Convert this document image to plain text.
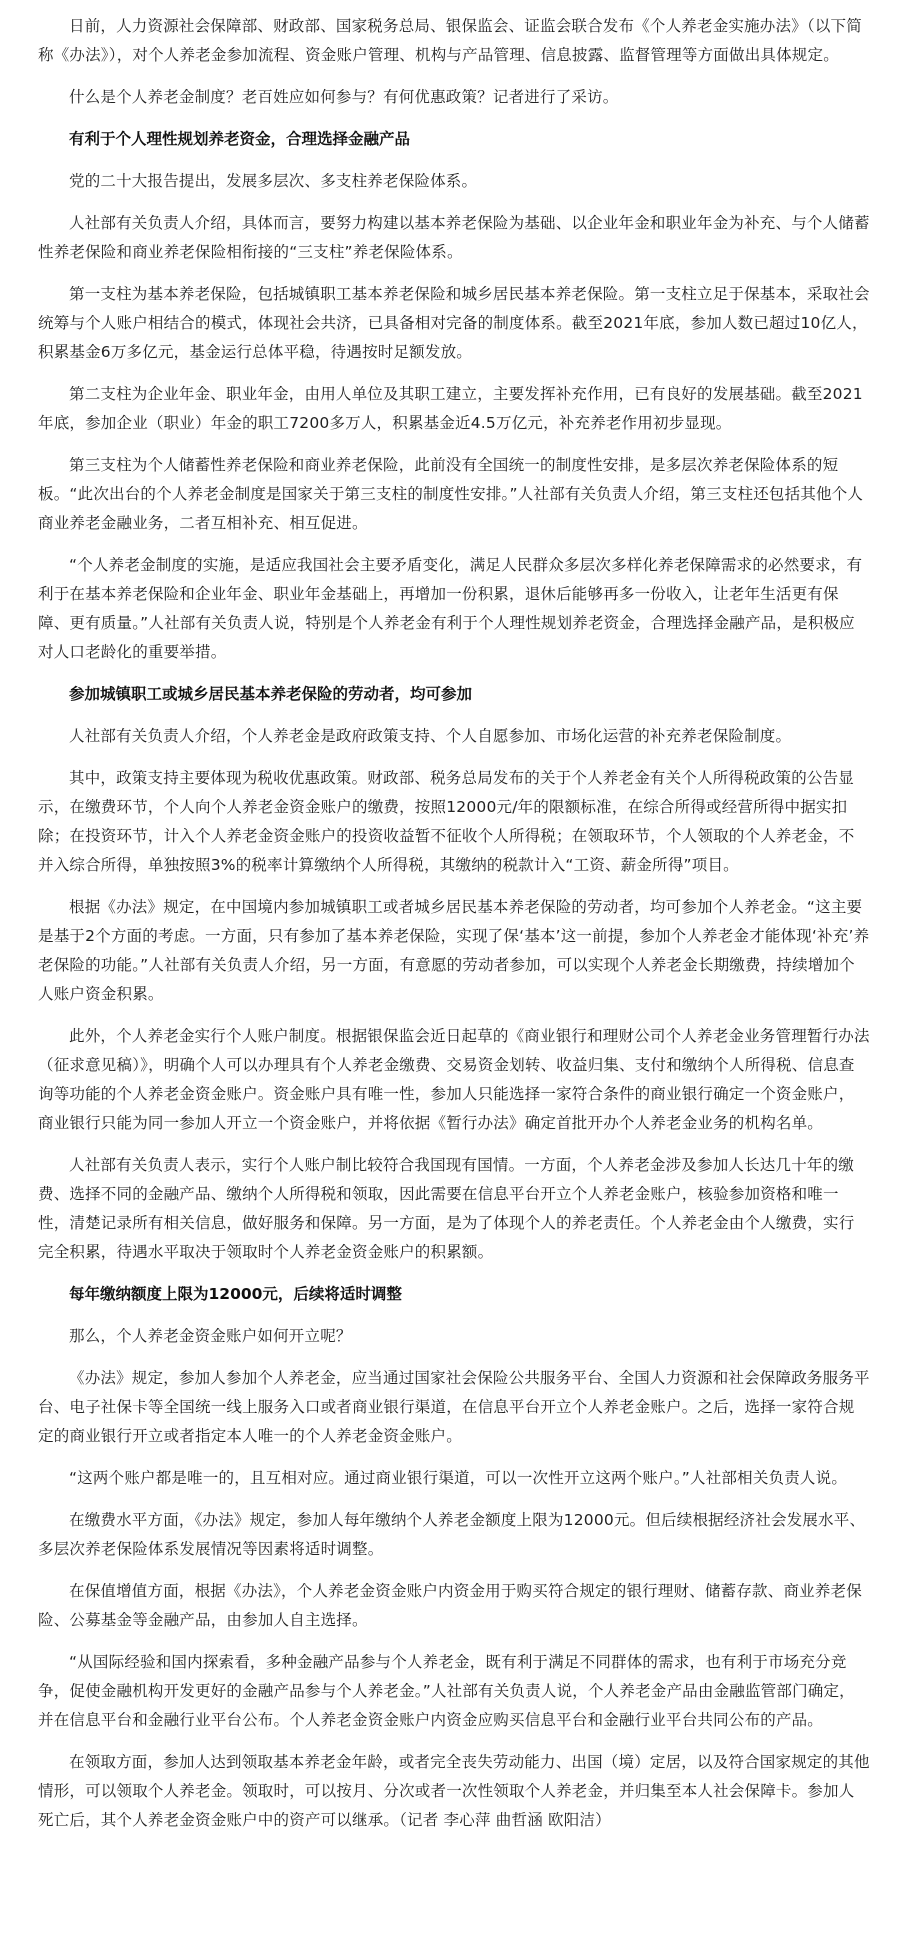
日前，人力资源社会保障部、财政部、国家税务总局、银保监会、证监会联合发布《个人养老金实施办法》（以下简称《办法》），对个人养老金参加流程、资金账户管理、机构与产品管理、信息披露、监督管理等方面做出具体规定。

什么是个人养老金制度？老百姓应如何参与？有何优惠政策？记者进行了采访。

有利于个人理性规划养老资金，合理选择金融产品

党的二十大报告提出，发展多层次、多支柱养老保险体系。

人社部有关负责人介绍，具体而言，要努力构建以基本养老保险为基础、以企业年金和职业年金为补充、与个人储蓄性养老保险和商业养老保险相衔接的“三支柱”养老保险体系。

第一支柱为基本养老保险，包括城镇职工基本养老保险和城乡居民基本养老保险。第一支柱立足于保基本，采取社会统筹与个人账户相结合的模式，体现社会共济，已具备相对完备的制度体系。截至2021年底，参加人数已超过10亿人，积累基金6万多亿元，基金运行总体平稳，待遇按时足额发放。

第二支柱为企业年金、职业年金，由用人单位及其职工建立，主要发挥补充作用，已有良好的发展基础。截至2021年底，参加企业（职业）年金的职工7200多万人，积累基金近4.5万亿元，补充养老作用初步显现。

第三支柱为个人储蓄性养老保险和商业养老保险，此前没有全国统一的制度性安排，是多层次养老保险体系的短板。“此次出台的个人养老金制度是国家关于第三支柱的制度性安排。”人社部有关负责人介绍，第三支柱还包括其他个人商业养老金融业务，二者互相补充、相互促进。

“个人养老金制度的实施，是适应我国社会主要矛盾变化，满足人民群众多层次多样化养老保障需求的必然要求，有利于在基本养老保险和企业年金、职业年金基础上，再增加一份积累，退休后能够再多一份收入，让老年生活更有保障、更有质量。”人社部有关负责人说，特别是个人养老金有利于个人理性规划养老资金，合理选择金融产品，是积极应对人口老龄化的重要举措。

参加城镇职工或城乡居民基本养老保险的劳动者，均可参加

人社部有关负责人介绍，个人养老金是政府政策支持、个人自愿参加、市场化运营的补充养老保险制度。

其中，政策支持主要体现为税收优惠政策。财政部、税务总局发布的关于个人养老金有关个人所得税政策的公告显示，在缴费环节，个人向个人养老金资金账户的缴费，按照12000元/年的限额标准，在综合所得或经营所得中据实扣除；在投资环节，计入个人养老金资金账户的投资收益暂不征收个人所得税；在领取环节，个人领取的个人养老金，不并入综合所得，单独按照3%的税率计算缴纳个人所得税，其缴纳的税款计入“工资、薪金所得”项目。

根据《办法》规定，在中国境内参加城镇职工或者城乡居民基本养老保险的劳动者，均可参加个人养老金。“这主要是基于2个方面的考虑。一方面，只有参加了基本养老保险，实现了保‘基本’这一前提，参加个人养老金才能体现‘补充’养老保险的功能。”人社部有关负责人介绍，另一方面，有意愿的劳动者参加，可以实现个人养老金长期缴费，持续增加个人账户资金积累。

此外，个人养老金实行个人账户制度。根据银保监会近日起草的《商业银行和理财公司个人养老金业务管理暂行办法（征求意见稿）》，明确个人可以办理具有个人养老金缴费、交易资金划转、收益归集、支付和缴纳个人所得税、信息查询等功能的个人养老金资金账户。资金账户具有唯一性，参加人只能选择一家符合条件的商业银行确定一个资金账户，商业银行只能为同一参加人开立一个资金账户，并将依据《暂行办法》确定首批开办个人养老金业务的机构名单。

人社部有关负责人表示，实行个人账户制比较符合我国现有国情。一方面，个人养老金涉及参加人长达几十年的缴费、选择不同的金融产品、缴纳个人所得税和领取，因此需要在信息平台开立个人养老金账户，核验参加资格和唯一性，清楚记录所有相关信息，做好服务和保障。另一方面，是为了体现个人的养老责任。个人养老金由个人缴费，实行完全积累，待遇水平取决于领取时个人养老金资金账户的积累额。

每年缴纳额度上限为12000元，后续将适时调整

那么，个人养老金资金账户如何开立呢？

《办法》规定，参加人参加个人养老金，应当通过国家社会保险公共服务平台、全国人力资源和社会保障政务服务平台、电子社保卡等全国统一线上服务入口或者商业银行渠道，在信息平台开立个人养老金账户。之后，选择一家符合规定的商业银行开立或者指定本人唯一的个人养老金资金账户。

“这两个账户都是唯一的，且互相对应。通过商业银行渠道，可以一次性开立这两个账户。”人社部相关负责人说。

在缴费水平方面，《办法》规定，参加人每年缴纳个人养老金额度上限为12000元。但后续根据经济社会发展水平、多层次养老保险体系发展情况等因素将适时调整。

在保值增值方面，根据《办法》，个人养老金资金账户内资金用于购买符合规定的银行理财、储蓄存款、商业养老保险、公募基金等金融产品，由参加人自主选择。

“从国际经验和国内探索看，多种金融产品参与个人养老金，既有利于满足不同群体的需求，也有利于市场充分竞争，促使金融机构开发更好的金融产品参与个人养老金。”人社部有关负责人说，个人养老金产品由金融监管部门确定，并在信息平台和金融行业平台公布。个人养老金资金账户内资金应购买信息平台和金融行业平台共同公布的产品。

在领取方面，参加人达到领取基本养老金年龄，或者完全丧失劳动能力、出国（境）定居，以及符合国家规定的其他情形，可以领取个人养老金。领取时，可以按月、分次或者一次性领取个人养老金，并归集至本人社会保障卡。参加人死亡后，其个人养老金资金账户中的资产可以继承。（记者 李心萍 曲哲涵 欧阳洁）
